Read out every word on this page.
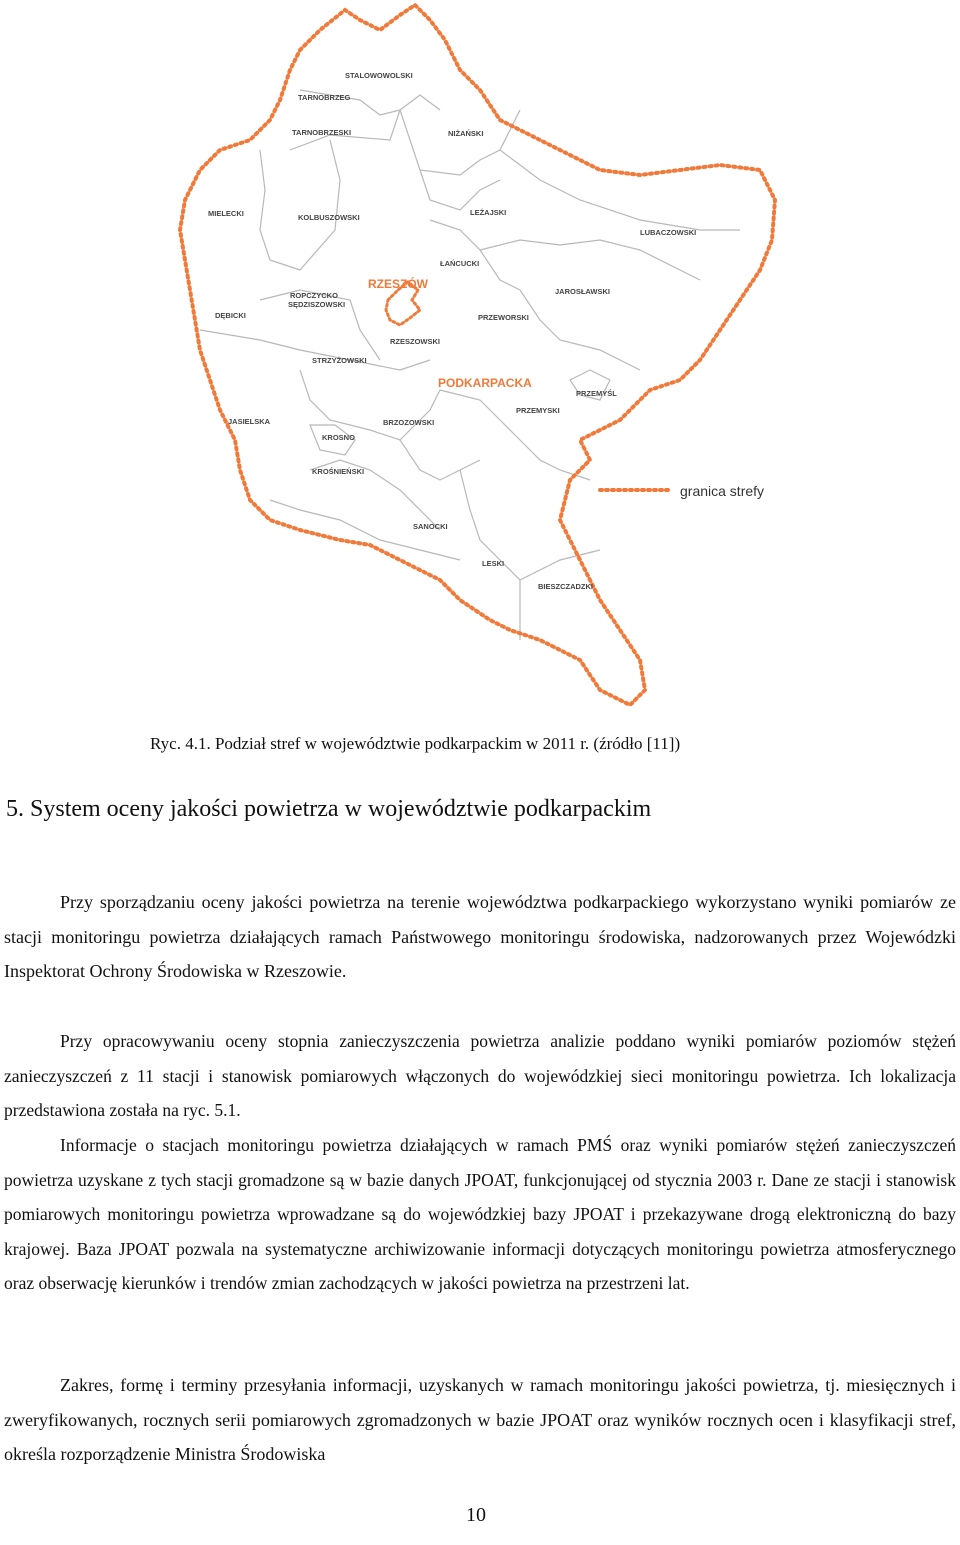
granica strefy
RZESZÓW
PODKARPACKA
STALOWOWOLSKI
TARNOBRZEG
TARNOBRZESKI	NIŻAŃSKI
MIELECKI	KOLBUSZOWSKI
LEŻAJSKI
LUBACZOWSKI
ŁAŃCUCKI
JAROSŁAWSKI
ROPCZYCKO
SĘDZISZOWSKI
DĘBICKI	PRZEWORSKI
RZESZOWSKI
STRZYŻOWSKI
PRZEMYŚL
JASIELSKA	BRZOZOWSKI
PRZEMYSKI
KROSNO
KROŚNIEŃSKI
SANOCKI
LESKI
BIESZCZADZKI
Ryc. 4.1. Podział stref w województwie podkarpackim w 2011 r. (źródło [11])
5. System oceny jakości powietrza w województwie podkarpackim

Przy sporządzaniu oceny jakości powietrza na terenie województwa podkarpackiego wykorzystano wyniki pomiarów ze stacji monitoringu powietrza działających ramach Państwowego monitoringu środowiska, nadzorowanych przez Wojewódzki Inspektorat Ochrony Środowiska w Rzeszowie.

Przy opracowywaniu oceny stopnia zanieczyszczenia powietrza analizie poddano wyniki pomiarów poziomów stężeń zanieczyszczeń z 11 stacji i stanowisk pomiarowych włączonych do wojewódzkiej sieci monitoringu powietrza. Ich lokalizacja przedstawiona została na ryc. 5.1.

Informacje o stacjach monitoringu powietrza działających w ramach PMŚ oraz wyniki pomiarów stężeń zanieczyszczeń powietrza uzyskane z tych stacji gromadzone są w bazie danych JPOAT, funkcjonującej od stycznia 2003 r. Dane ze stacji i stanowisk pomiarowych monitoringu powietrza wprowadzane są do wojewódzkiej bazy JPOAT i przekazywane drogą elektroniczną do bazy krajowej. Baza JPOAT pozwala na systematyczne archiwizowanie informacji dotyczących monitoringu powietrza atmosferycznego oraz obserwację kierunków i trendów zmian zachodzących w jakości powietrza na przestrzeni lat.

Zakres, formę i terminy przesyłania informacji, uzyskanych w ramach monitoringu jakości powietrza, tj. miesięcznych i zweryfikowanych, rocznych serii pomiarowych zgromadzonych w bazie JPOAT oraz wyników rocznych ocen i klasyfikacji stref, określa rozporządzenie Ministra Środowiska

10
